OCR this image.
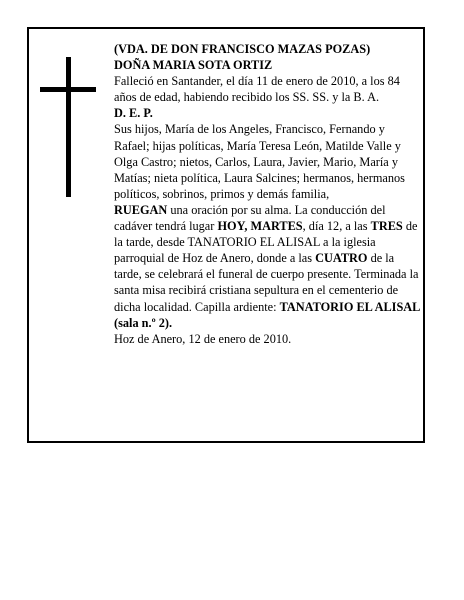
(VDA. DE DON FRANCISCO MAZAS POZAS)

DOÑA MARIA SOTA ORTIZ

Falleció en Santander, el día 11 de enero de 2010, a los 84 años de edad, habiendo recibido los SS. SS. y la B. A.

D. E. P.

Sus hijos, María de los Angeles, Francisco, Fernando y Rafael; hijas políticas, María Teresa León, Matilde Valle y Olga Castro; nietos, Carlos, Laura, Javier, Mario, María y Matías; nieta política, Laura Salcines; hermanos, hermanos políticos, sobrinos, primos y demás familia,

RUEGAN una oración por su alma. La conducción del cadáver tendrá lugar HOY, MARTES, día 12, a las TRES de la tarde, desde TANATORIO EL ALISAL a la iglesia parroquial de Hoz de Anero, donde a las CUATRO de la tarde, se celebrará el funeral de cuerpo presente. Terminada la santa misa recibirá cristiana sepultura en el cementerio de dicha localidad. Capilla ardiente: TANATORIO EL ALISAL (sala n.º 2).

Hoz de Anero, 12 de enero de 2010.
